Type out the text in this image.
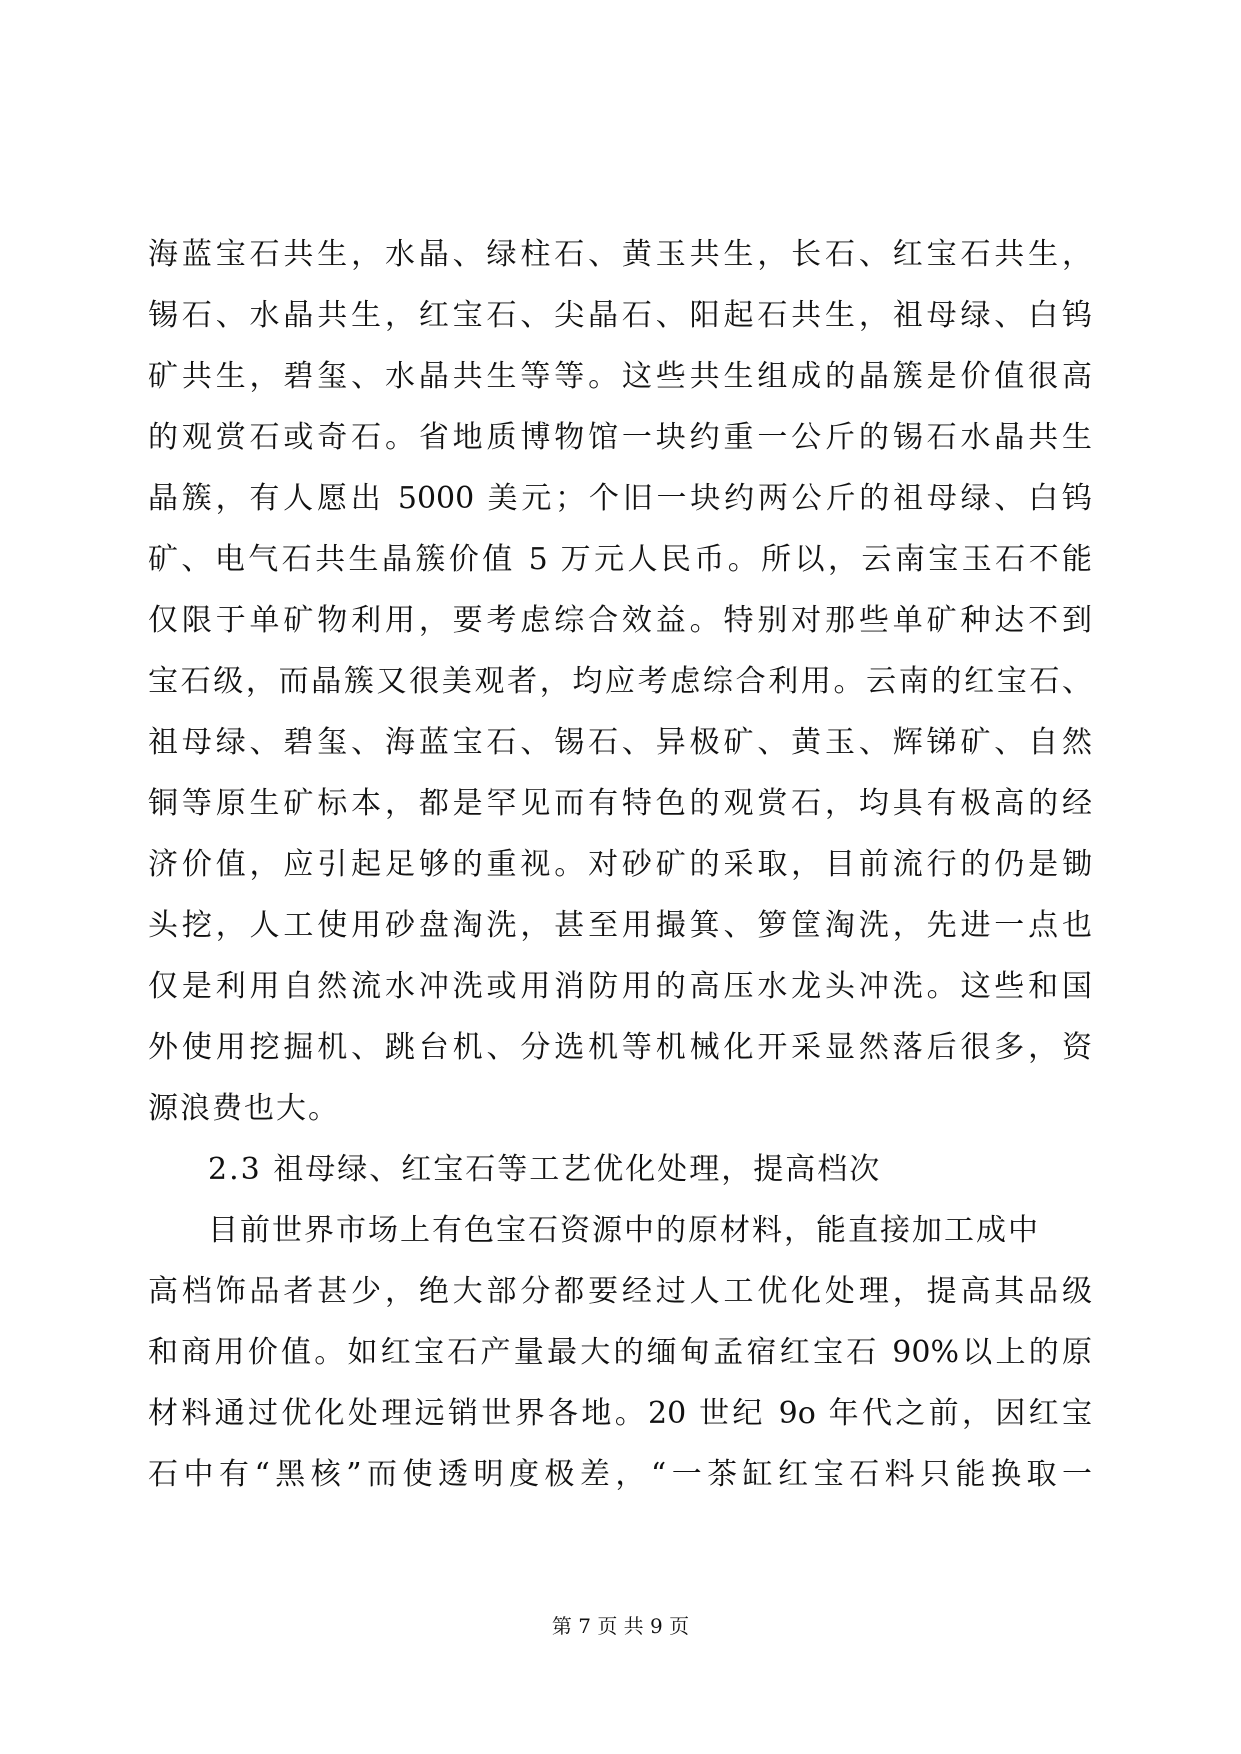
海蓝宝石共生，水晶、绿柱石、黄玉共生，长石、红宝石共生，
锡石、水晶共生，红宝石、尖晶石、阳起石共生，祖母绿、白钨
矿共生，碧玺、水晶共生等等。这些共生组成的晶簇是价值很高
的观赏石或奇石。省地质博物馆一块约重一公斤的锡石水晶共生
晶簇，有人愿出 5000 美元；个旧一块约两公斤的祖母绿、白钨
矿、电气石共生晶簇价值 5 万元人民币。所以，云南宝玉石不能
仅限于单矿物利用，要考虑综合效益。特别对那些单矿种达不到
宝石级，而晶簇又很美观者，均应考虑综合利用。云南的红宝石、
祖母绿、碧玺、海蓝宝石、锡石、异极矿、黄玉、辉锑矿、自然
铜等原生矿标本，都是罕见而有特色的观赏石，均具有极高的经
济价值，应引起足够的重视。对砂矿的采取，目前流行的仍是锄
头挖，人工使用砂盘淘洗，甚至用撮箕、箩筐淘洗，先进一点也
仅是利用自然流水冲洗或用消防用的高压水龙头冲洗。这些和国
外使用挖掘机、跳台机、分选机等机械化开采显然落后很多，资
源浪费也大。
2.3 祖母绿、红宝石等工艺优化处理，提高档次
目前世界市场上有色宝石资源中的原材料，能直接加工成中
高档饰品者甚少，绝大部分都要经过人工优化处理，提高其品级
和商用价值。如红宝石产量最大的缅甸孟宿红宝石 90%以上的原
材料通过优化处理远销世界各地。20 世纪 9o 年代之前，因红宝
石中有“黑核”而使透明度极差，“一茶缸红宝石料只能换取一
第 7 页 共 9 页
